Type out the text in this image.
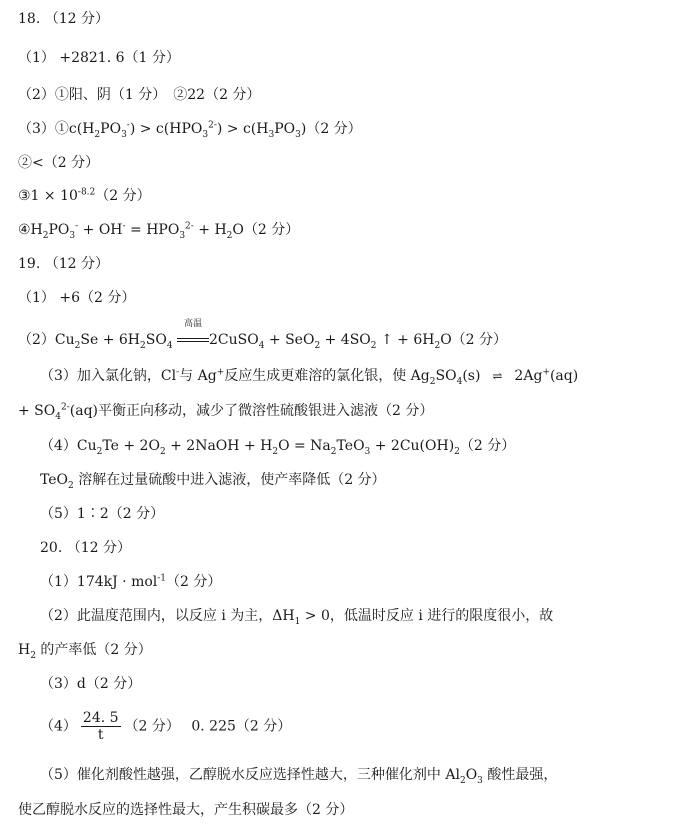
18. （12 分）
（1） +2821. 6（1 分）
（2）①阳、阴（1 分）　②22（2 分）
$(3)①c(H_2PO_3^-) > c(HPO_3^{2-}) > c(H_3PO_3)(2$ 分）
②<（2 分）
③1 × $10^{-8.2}(2$ 分）
$④H_2PO_3^- + OH^- = HPO_3^{2-} + H_2O(2$ 分）
19. （12 分）
（1） +6（2 分）
$(2)Cu_2Se + 6H_2SO_4$
高温
2CuSO$_4$ + $SeO_2 + 4SO_2$ ↑ + $6H_2O(2$ 分）
（3）加入氯化钠，Cl-与 Ag+反应生成更难溶的氯化银，使 $Ag_2SO_4(s)$ ⇌ 2Ag+(aq)
+ $SO_4^{2-}(aq)$平衡正向移动，减少了微溶性硫酸银进入滤液（2 分）
$(4)Cu_2Te + 2O_2$ + 2NaOH + $H_2O = Na_2TeO_3 + 2Cu(OH)_2(2$ 分）
TeO$_2$ 溶解在过量硫酸中进入滤液，使产率降低（2 分）
（5）1∶2（2 分）
20. （12 分）
（1）174kJ · mol$^{-1}$（2 分）
（2）此温度范围内，以反应 ⅰ 为主，$\Delta H_1 > 0$，低温时反应 ⅰ 进行的限度很小，故
$H_2$ 的产率低（2 分）
（3）d（2 分）
$(4) \frac{24. 5}{t} (2$ 分）　 0. 225（2 分）
（5）催化剂酸性越强，乙醇脱水反应选择性越大，三种催化剂中 $Al_2O_3$ 酸性最强，
使乙醇脱水反应的选择性最大，产生积碳最多（2 分）
